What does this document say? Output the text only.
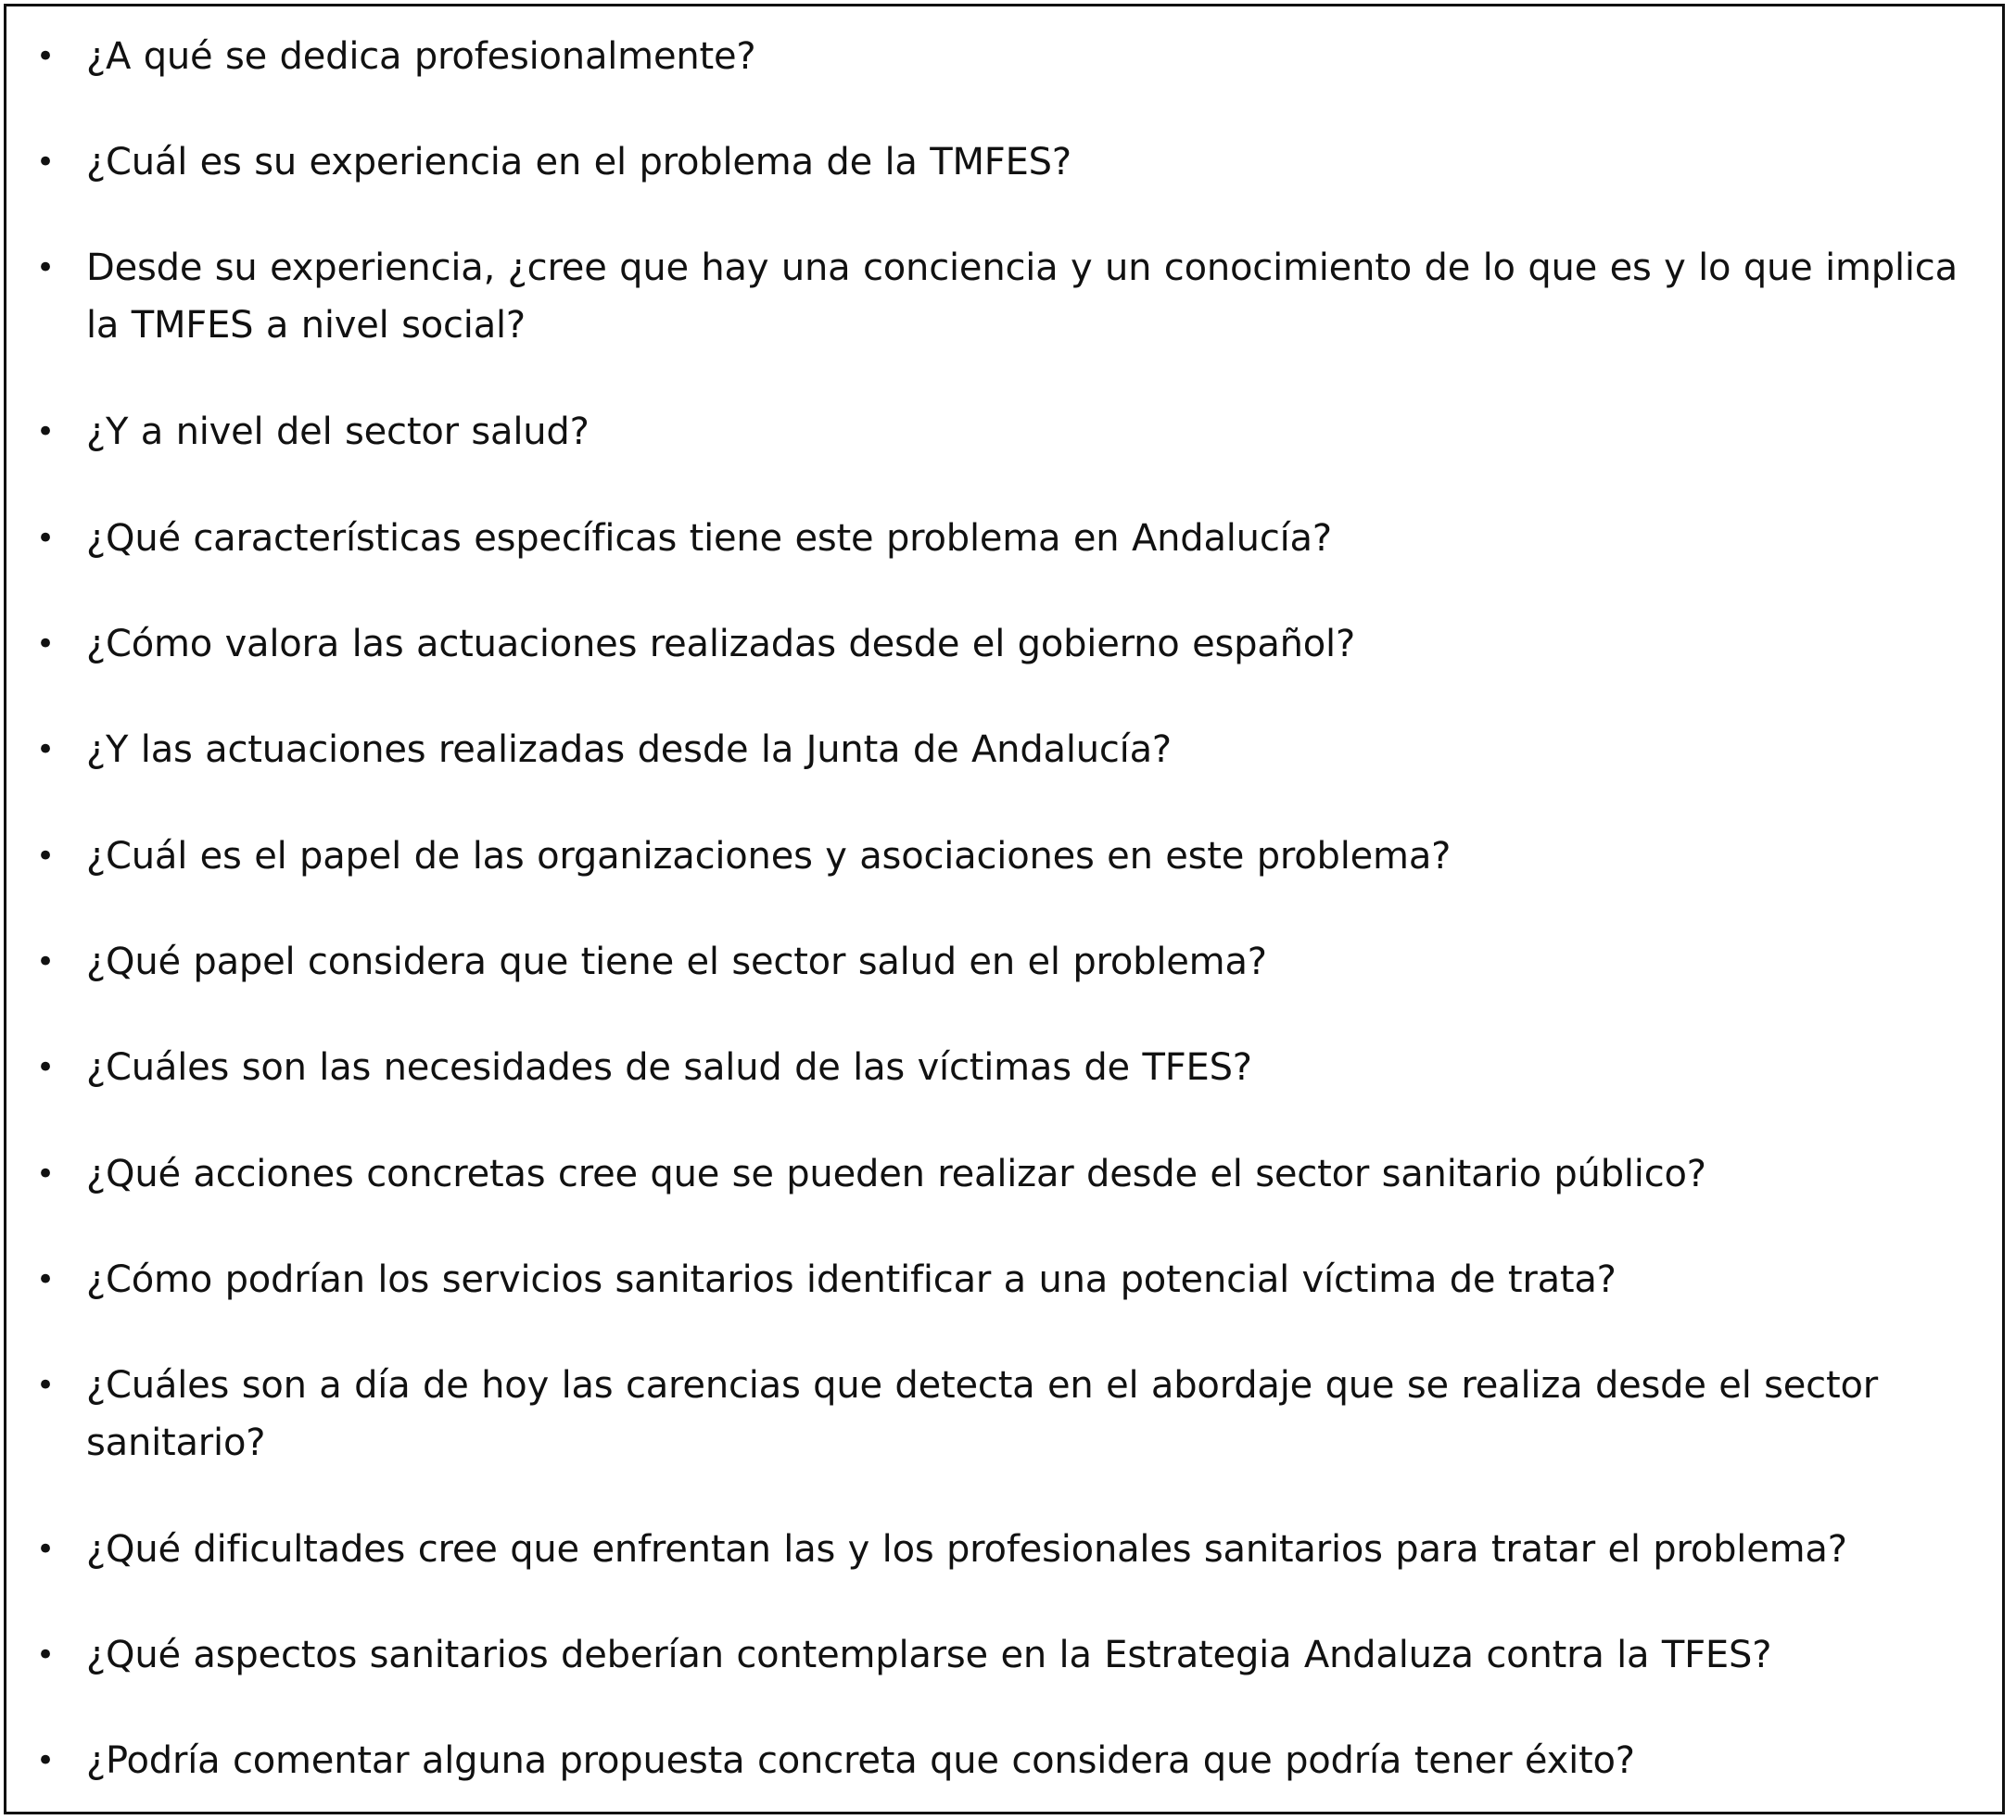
• ¿A qué se dedica profesionalmente?
• ¿Cuál es su experiencia en el problema de la TMFES?
• Desde su experiencia, ¿cree que hay una conciencia y un conocimiento de lo que es y lo que implica la TMFES a nivel social?
• ¿Y a nivel del sector salud?
• ¿Qué características específicas tiene este problema en Andalucía?
• ¿Cómo valora las actuaciones realizadas desde el gobierno español?
• ¿Y las actuaciones realizadas desde la Junta de Andalucía?
• ¿Cuál es el papel de las organizaciones y asociaciones en este problema?
• ¿Qué papel considera que tiene el sector salud en el problema?
• ¿Cuáles son las necesidades de salud de las víctimas de TFES?
• ¿Qué acciones concretas cree que se pueden realizar desde el sector sanitario público?
• ¿Cómo podrían los servicios sanitarios identificar a una potencial víctima de trata?
• ¿Cuáles son a día de hoy las carencias que detecta en el abordaje que se realiza desde el sector sanitario?
• ¿Qué dificultades cree que enfrentan las y los profesionales sanitarios para tratar el problema?
• ¿Qué aspectos sanitarios deberían contemplarse en la Estrategia Andaluza contra la TFES?
• ¿Podría comentar alguna propuesta concreta que considera que podría tener éxito?
